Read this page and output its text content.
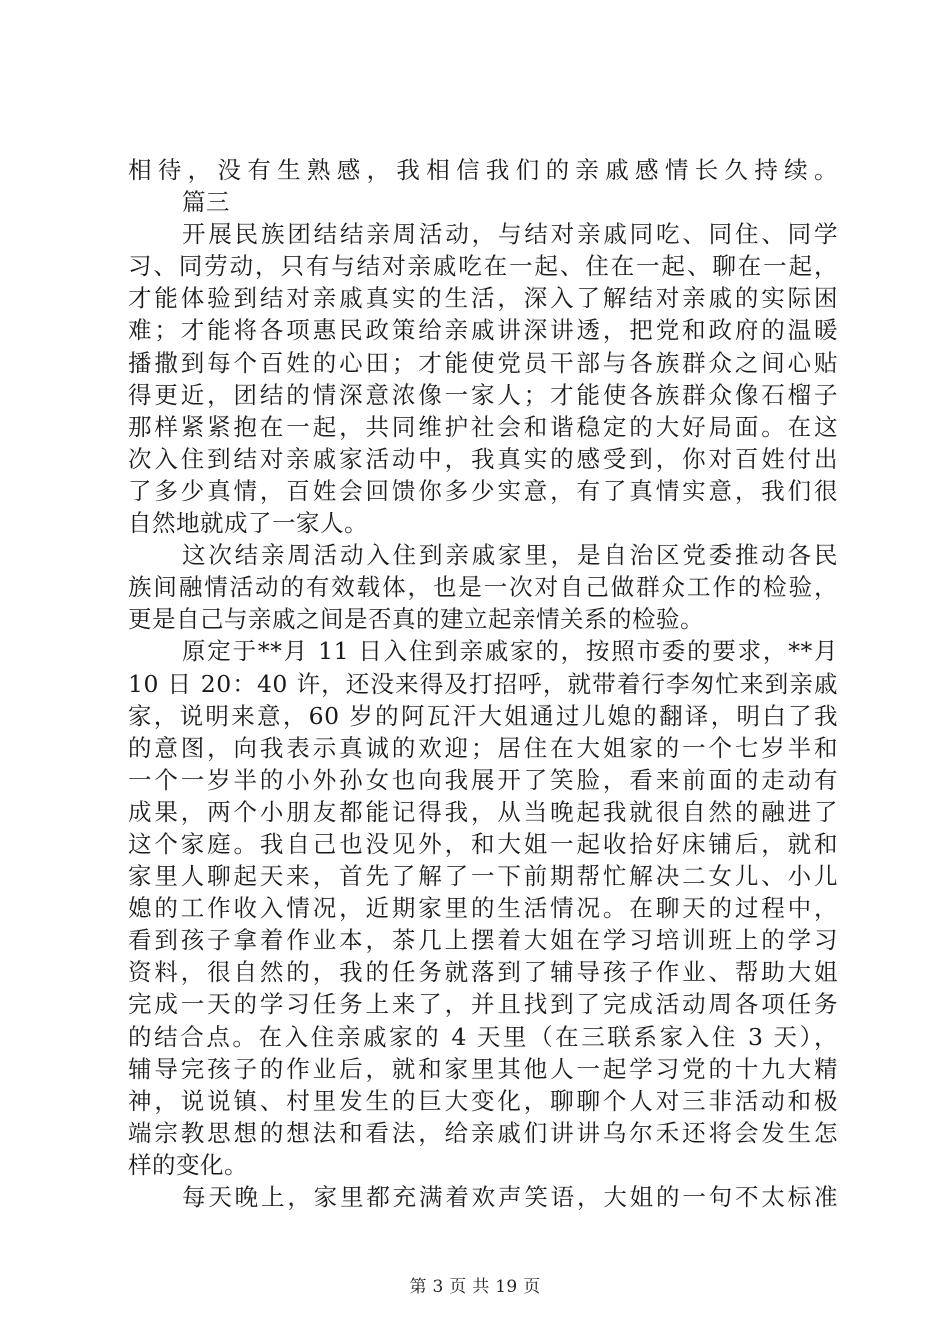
相待，没有生熟感，我相信我们的亲戚感情长久持续。
篇三
开展民族团结结亲周活动，与结对亲戚同吃、同住、同学
习、同劳动，只有与结对亲戚吃在一起、住在一起、聊在一起，
才能体验到结对亲戚真实的生活，深入了解结对亲戚的实际困
难；才能将各项惠民政策给亲戚讲深讲透，把党和政府的温暖
播撒到每个百姓的心田；才能使党员干部与各族群众之间心贴
得更近，团结的情深意浓像一家人；才能使各族群众像石榴子
那样紧紧抱在一起，共同维护社会和谐稳定的大好局面。在这
次入住到结对亲戚家活动中，我真实的感受到，你对百姓付出
了多少真情，百姓会回馈你多少实意，有了真情实意，我们很
自然地就成了一家人。
这次结亲周活动入住到亲戚家里，是自治区党委推动各民
族间融情活动的有效载体，也是一次对自己做群众工作的检验，
更是自己与亲戚之间是否真的建立起亲情关系的检验。
原定于**月 11 日入住到亲戚家的，按照市委的要求，**月
10 日 20：40 许，还没来得及打招呼，就带着行李匆忙来到亲戚
家，说明来意，60 岁的阿瓦汗大姐通过儿媳的翻译，明白了我
的意图，向我表示真诚的欢迎；居住在大姐家的一个七岁半和
一个一岁半的小外孙女也向我展开了笑脸，看来前面的走动有
成果，两个小朋友都能记得我，从当晚起我就很自然的融进了
这个家庭。我自己也没见外，和大姐一起收拾好床铺后，就和
家里人聊起天来，首先了解了一下前期帮忙解决二女儿、小儿
媳的工作收入情况，近期家里的生活情况。在聊天的过程中，
看到孩子拿着作业本，茶几上摆着大姐在学习培训班上的学习
资料，很自然的，我的任务就落到了辅导孩子作业、帮助大姐
完成一天的学习任务上来了，并且找到了完成活动周各项任务
的结合点。在入住亲戚家的 4 天里（在三联系家入住 3 天），
辅导完孩子的作业后，就和家里其他人一起学习党的十九大精
神，说说镇、村里发生的巨大变化，聊聊个人对三非活动和极
端宗教思想的想法和看法，给亲戚们讲讲乌尔禾还将会发生怎
样的变化。
每天晚上，家里都充满着欢声笑语，大姐的一句不太标准
第 3 页 共 19 页
